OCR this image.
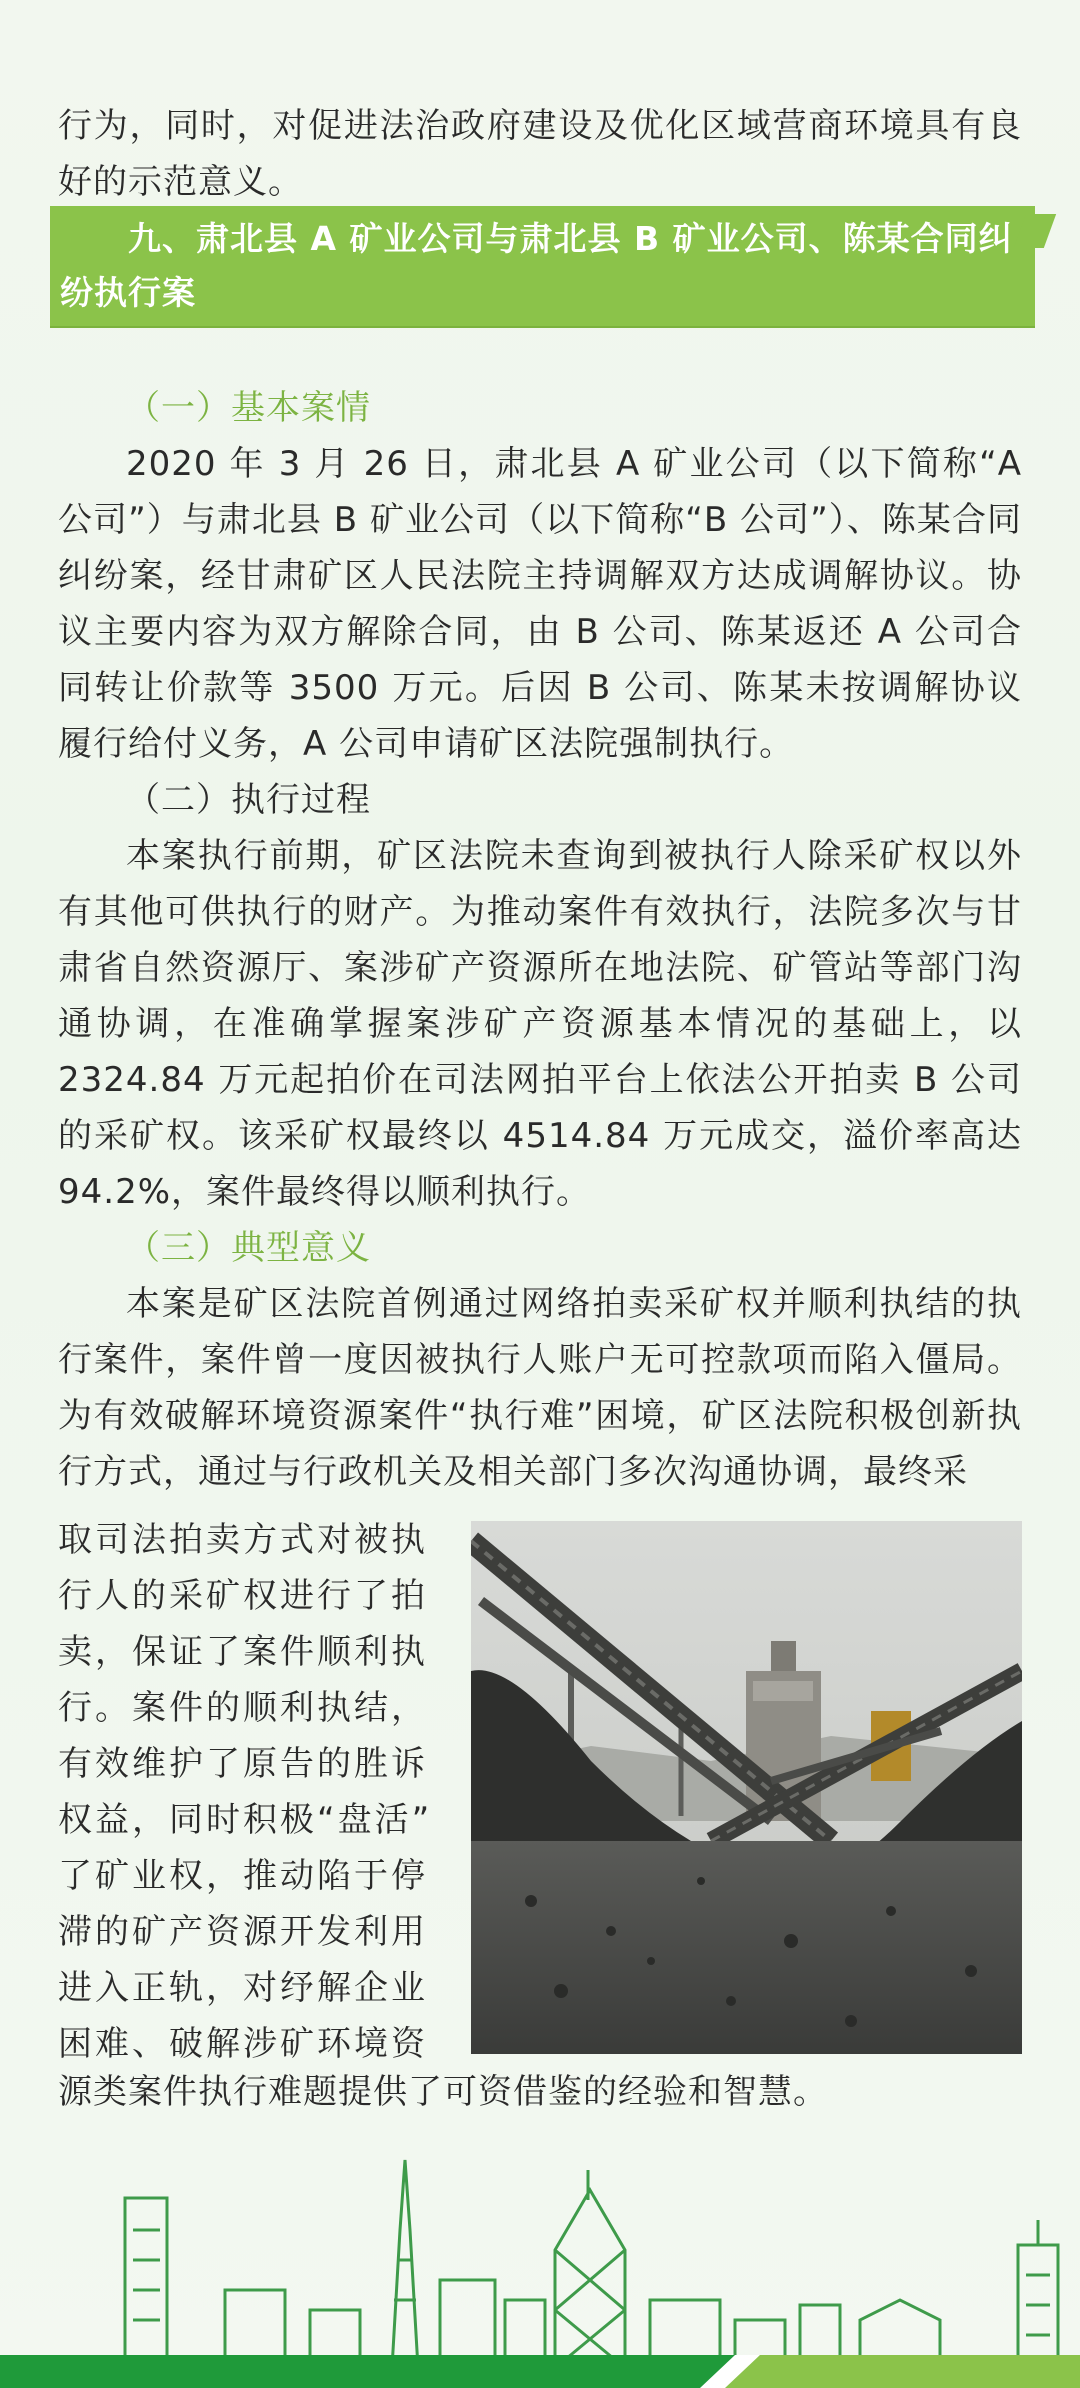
行为，同时，对促进法治政府建设及优化区域营商环境具有良好的示范意义。

九、肃北县 A 矿业公司与肃北县 B 矿业公司、陈某合同纠纷执行案
（一）基本案情

2020 年 3 月 26 日，肃北县 A 矿业公司（以下简称“A 公司”）与肃北县 B 矿业公司（以下简称“B 公司”）、陈某合同纠纷案，经甘肃矿区人民法院主持调解双方达成调解协议。协议主要内容为双方解除合同，由 B 公司、陈某返还 A 公司合同转让价款等 3500 万元。后因 B 公司、陈某未按调解协议履行给付义务，A 公司申请矿区法院强制执行。

（二）执行过程

本案执行前期，矿区法院未查询到被执行人除采矿权以外有其他可供执行的财产。为推动案件有效执行，法院多次与甘肃省自然资源厅、案涉矿产资源所在地法院、矿管站等部门沟通协调，在准确掌握案涉矿产资源基本情况的基础上，以 2324.84 万元起拍价在司法网拍平台上依法公开拍卖 B 公司的采矿权。该采矿权最终以 4514.84 万元成交，溢价率高达 94.2%，案件最终得以顺利执行。

（三）典型意义

本案是矿区法院首例通过网络拍卖采矿权并顺利执结的执行案件，案件曾一度因被执行人账户无可控款项而陷入僵局。为有效破解环境资源案件“执行难”困境，矿区法院积极创新执行方式，通过与行政机关及相关部门多次沟通协调，最终采

取司法拍卖方式对被执
行人的采矿权进行了拍
卖，保证了案件顺利执
行。案件的顺利执结，
有效维护了原告的胜诉
权益，同时积极“盘活”
了矿业权，推动陷于停
滞的矿产资源开发利用
进入正轨，对纾解企业
困难、破解涉矿环境资
源类案件执行难题提供了可资借鉴的经验和智慧。
